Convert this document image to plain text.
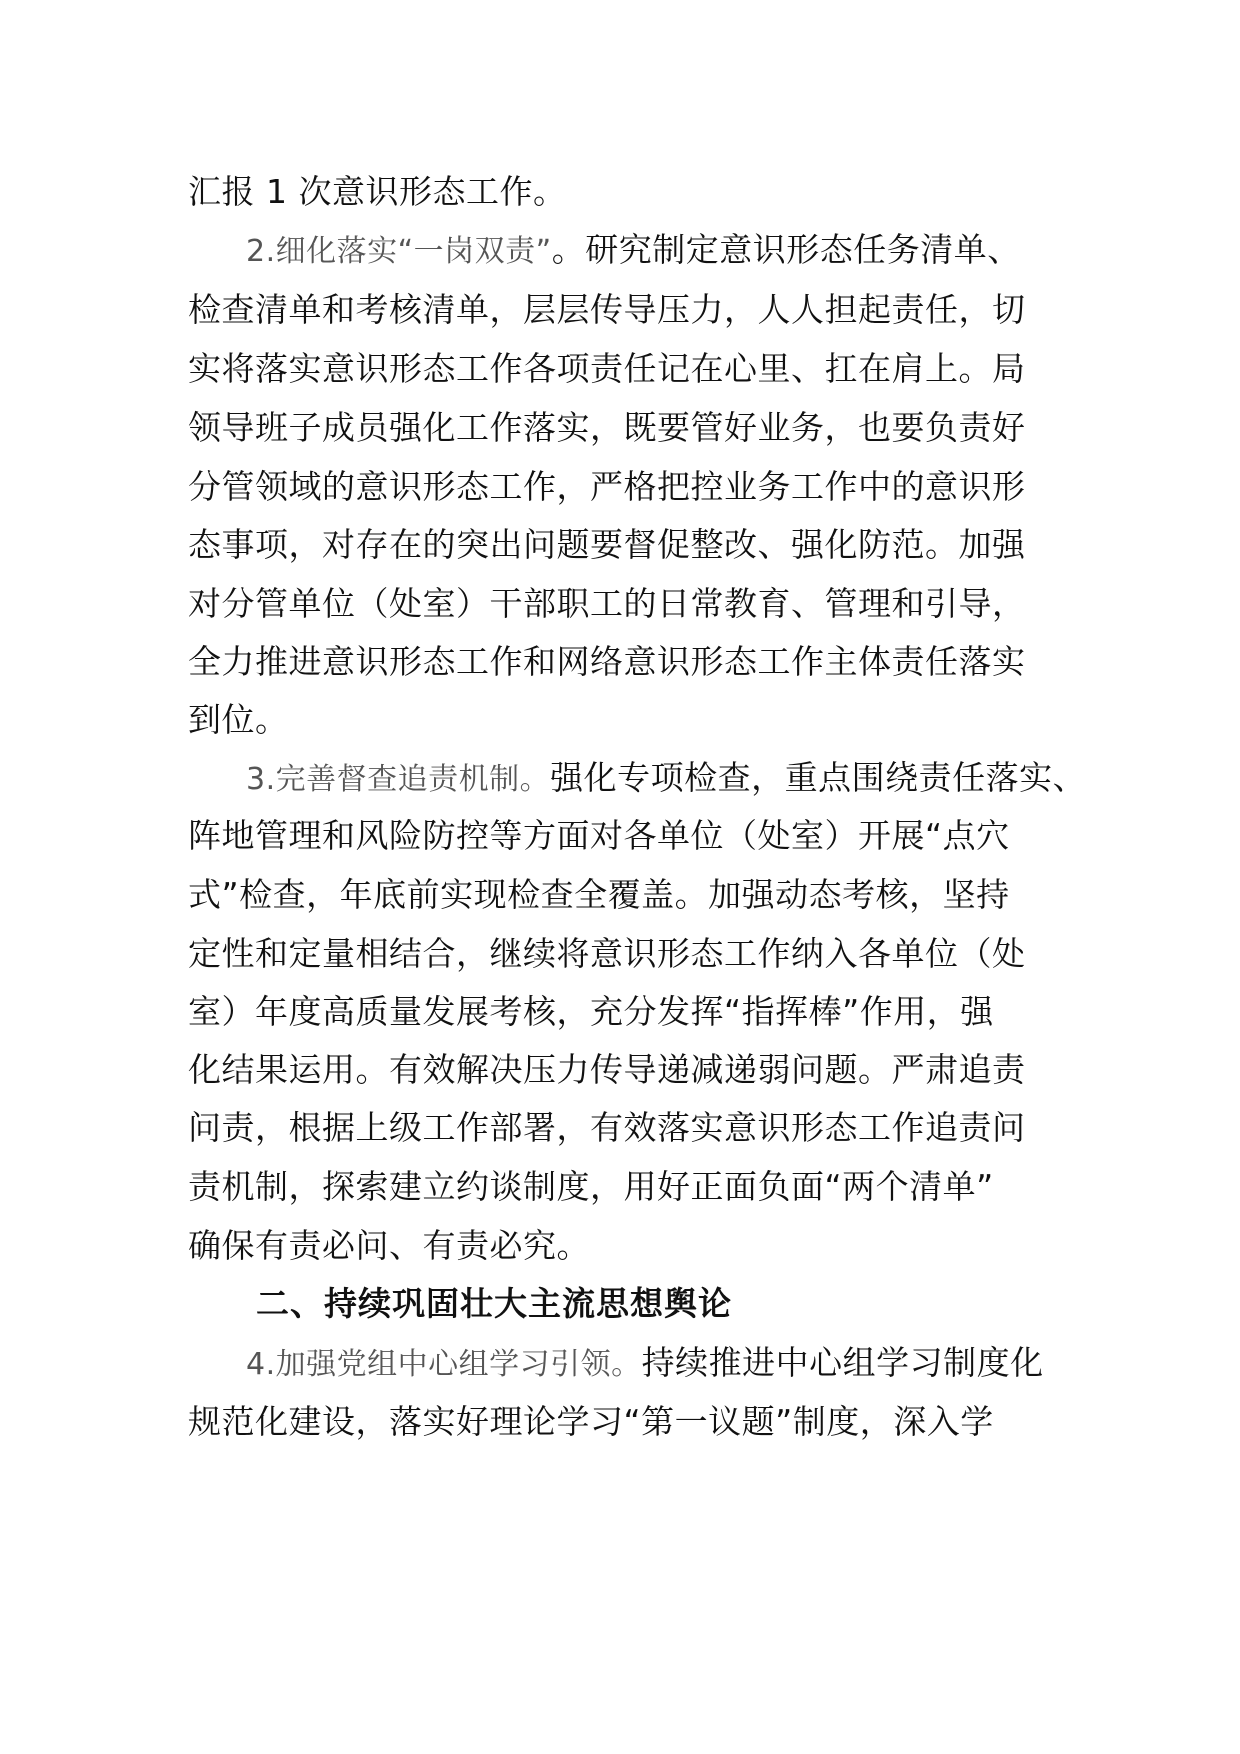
汇报 1 次意识形态工作。
2.细化落实“一岗双责”。研究制定意识形态任务清单、
检查清单和考核清单，层层传导压力，人人担起责任，切
实将落实意识形态工作各项责任记在心里、扛在肩上。局
领导班子成员强化工作落实，既要管好业务，也要负责好
分管领域的意识形态工作，严格把控业务工作中的意识形
态事项，对存在的突出问题要督促整改、强化防范。加强
对分管单位（处室）干部职工的日常教育、管理和引导，
全力推进意识形态工作和网络意识形态工作主体责任落实
到位。
3.完善督查追责机制。强化专项检查，重点围绕责任落实、
阵地管理和风险防控等方面对各单位（处室）开展“点穴
式”检查，年底前实现检查全覆盖。加强动态考核，坚持
定性和定量相结合，继续将意识形态工作纳入各单位（处
室）年度高质量发展考核，充分发挥“指挥棒”作用，强
化结果运用。有效解决压力传导递减递弱问题。严肃追责
问责，根据上级工作部署，有效落实意识形态工作追责问
责机制，探索建立约谈制度，用好正面负面“两个清单”
确保有责必问、有责必究。
二、持续巩固壮大主流思想舆论
4.加强党组中心组学习引领。持续推进中心组学习制度化
规范化建设，落实好理论学习“第一议题”制度，深入学
